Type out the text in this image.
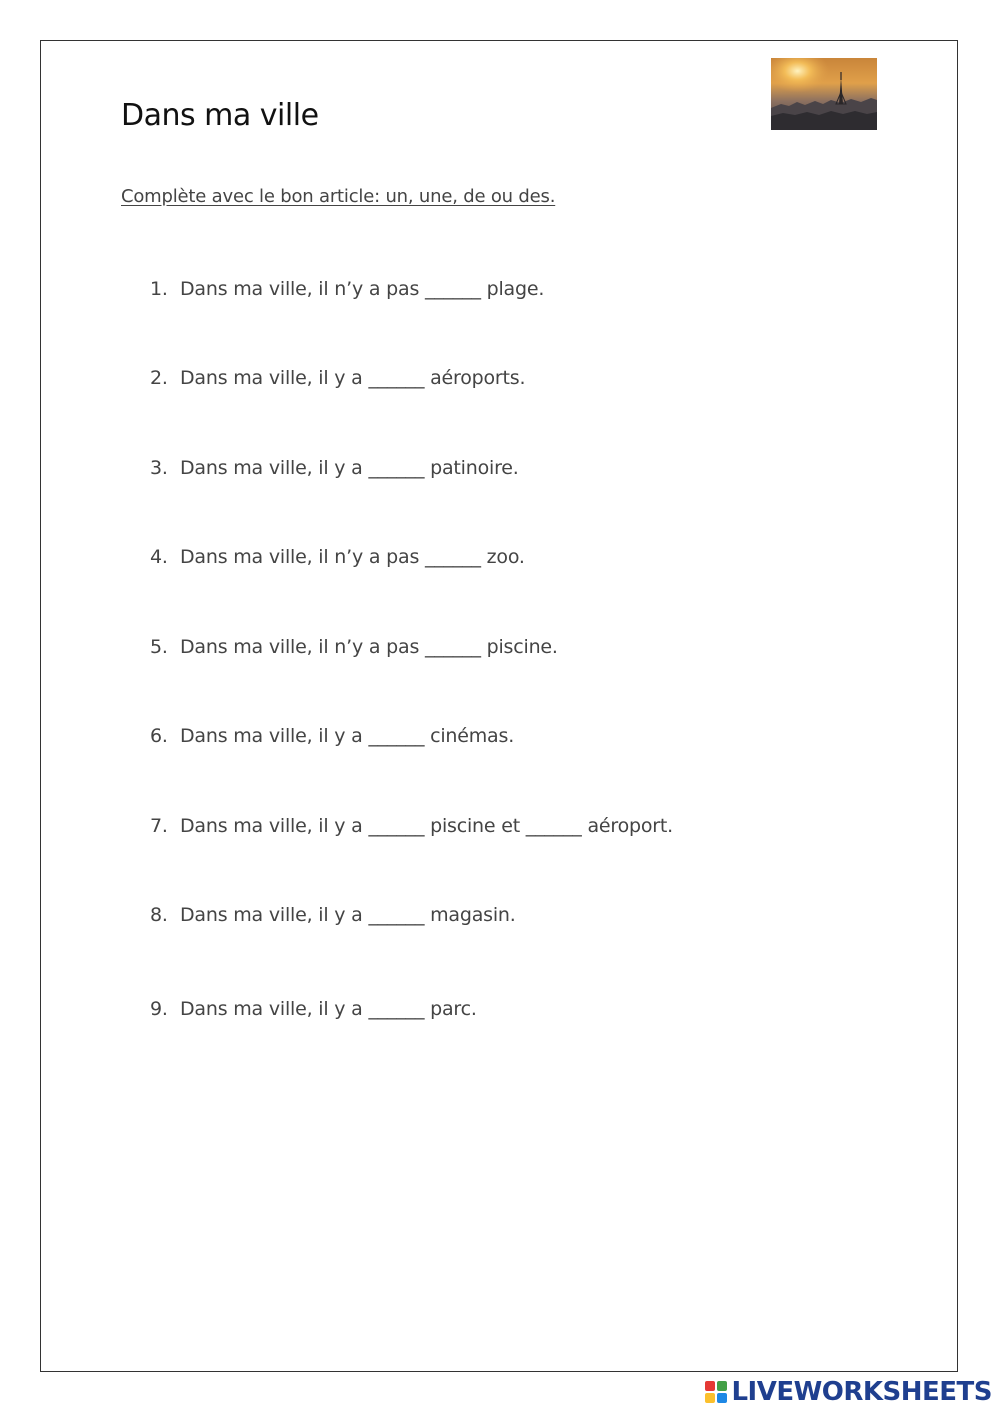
Dans ma ville
Complète avec le bon article: un, une, de ou des.
1. Dans ma ville, il n’y a pas ______ plage.
2. Dans ma ville, il y a ______ aéroports.
3. Dans ma ville, il y a ______ patinoire.
4. Dans ma ville, il n’y a pas ______ zoo.
5. Dans ma ville, il n’y a pas ______ piscine.
6. Dans ma ville, il y a ______ cinémas.
7. Dans ma ville, il y a ______ piscine et ______ aéroport.
8. Dans ma ville, il y a ______ magasin.
9. Dans ma ville, il y a ______ parc.
LIVEWORKSHEETS
